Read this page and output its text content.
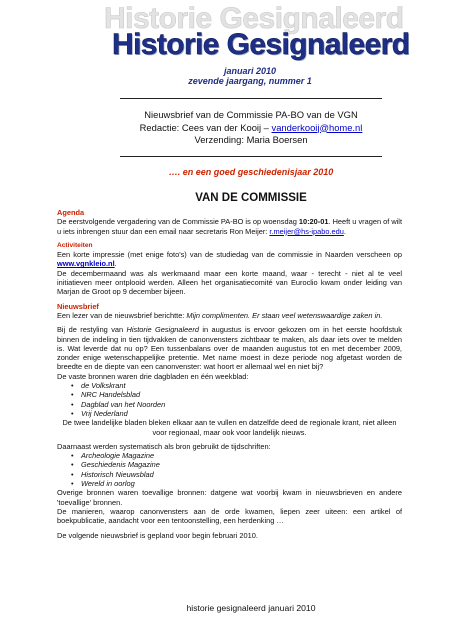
Historie Gesignaleerd
Historie Gesignaleerd
januari 2010
zevende jaargang, nummer 1
Nieuwsbrief van de Commissie PA-BO van de VGN
Redactie: Cees van der Kooij – vanderkooij@home.nl
Verzending: Maria Boersen
…. en een goed geschiedenisjaar 2010
VAN DE COMMISSIE
Agenda
De eerstvolgende vergadering van de Commissie PA-BO is op woensdag 10:20-01. Heeft u vragen of wilt u iets inbrengen stuur dan een email naar secretaris Ron Meijer: r.meijer@hs-ipabo.edu.
Activiteiten
Een korte impressie (met enige foto's) van de studiedag van de commissie in Naarden verscheen op www.vgnkleio.nl.
De decembermaand was als werkmaand maar een korte maand, waar - terecht - niet al te veel initiatieven meer ontplooid werden. Alleen het organisatiecomité van Euroclio kwam onder leiding van Marjan de Groot op 9 december bijeen.
Nieuwsbrief
Een lezer van de nieuwsbrief berichtte: Mijn complimenten. Er staan veel wetenswaardige zaken in.
Bij de restyling van Historie Gesignaleerd in augustus is ervoor gekozen om in het eerste hoofdstuk binnen de indeling in tien tijdvakken de canonvensters zichtbaar te maken, als daar iets over te melden is. Wat leverde dat nu op? Een tussenbalans over de maanden augustus tot en met december 2009, zonder enige wetenschappelijke pretentie. Met name moest in deze periode nog afgetast worden de breedte en de diepte van een canonvenster: wat hoort er allemaal wel en niet bij?
De vaste bronnen waren drie dagbladen en één weekblad:
• de Volkskrant
• NRC Handelsblad
• Dagblad van het Noorden
• Vrij Nederland
De twee landelijke bladen bleken elkaar aan te vullen en datzelfde deed de regionale krant, niet alleen voor regionaal, maar ook voor landelijk nieuws.
Daarnaast werden systematisch als bron gebruikt de tijdschriften:
• Archeologie Magazine
• Geschiedenis Magazine
• Historisch Nieuwsblad
• Wereld in oorlog
Overige bronnen waren toevallige bronnen: datgene wat voorbij kwam in nieuwsbrieven en andere 'toevallige' bronnen.
De manieren, waarop canonvensters aan de orde kwamen, liepen zeer uiteen: een artikel of boekpublicatie, aandacht voor een tentoonstelling, een herdenking …
De volgende nieuwsbrief is gepland voor begin februari 2010.
historie gesignaleerd januari 2010
